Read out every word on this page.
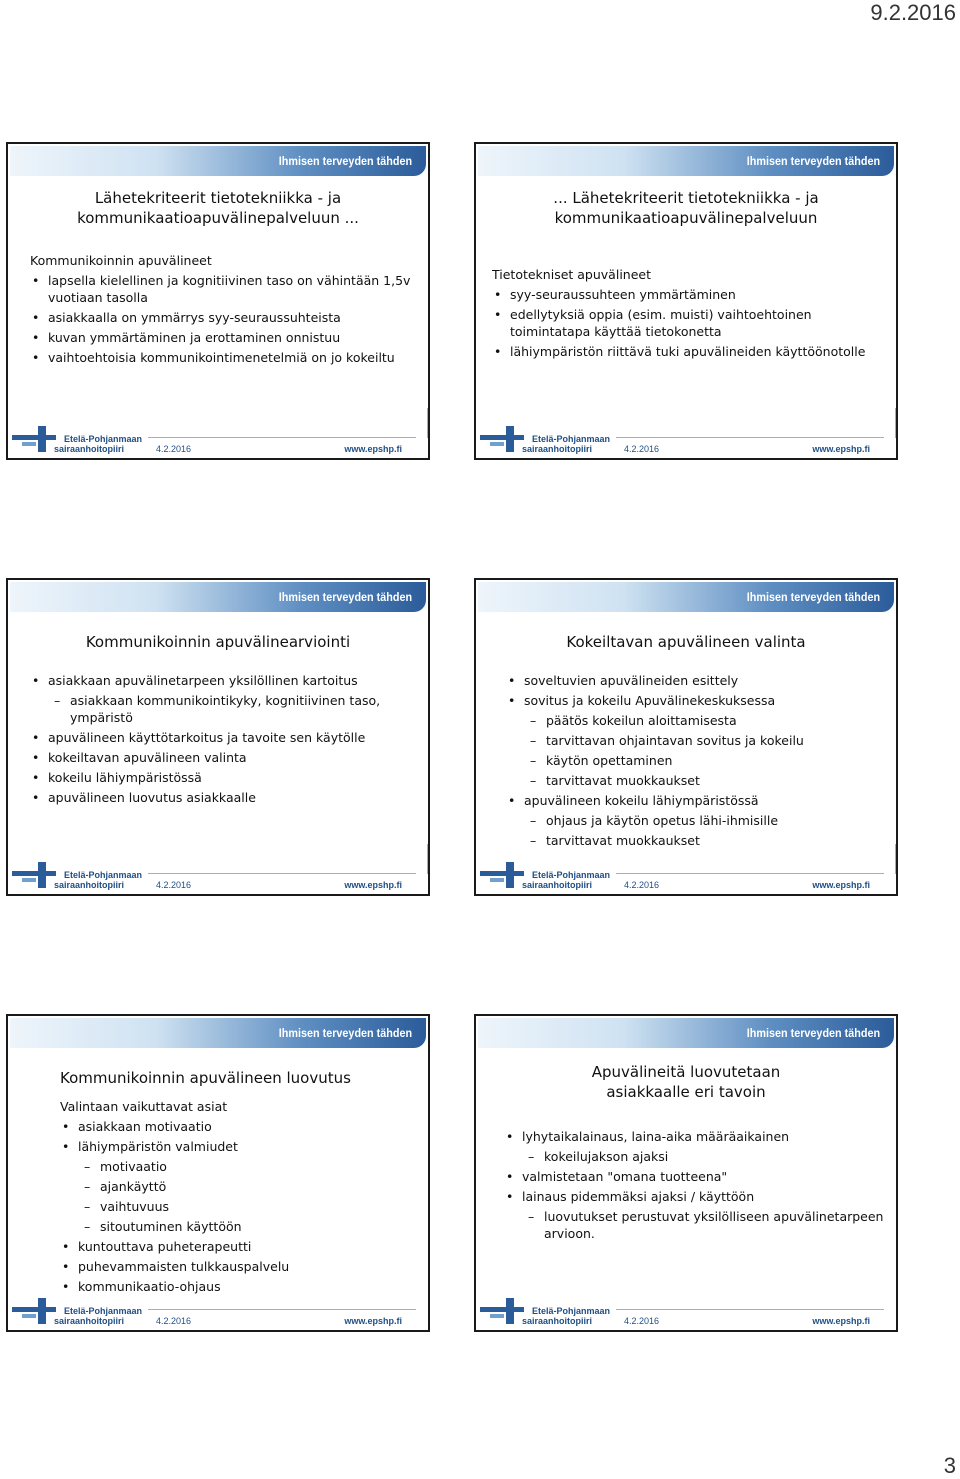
9.2.2016
Ihmisen terveyden tähden
Lähetekriteerit tietotekniikka - ja kommunikaatioapuvälinepalveluun ...

Kommunikoinnin apuvälineet

• lapsella kielellinen ja kognitiivinen taso on vähintään 1,5v vuotiaan tasolla
• asiakkaalla on ymmärrys syy-seuraussuhteista
• kuvan ymmärtäminen ja erottaminen onnistuu
• vaihtoehtoisia kommunikointimenetelmiä on jo kokeiltu
Etelä-Pohjanmaan
sairaanhoitopiiri	4.2.2016	www.epshp.fi
Ihmisen terveyden tähden
... Lähetekriteerit tietotekniikka - ja kommunikaatioapuvälinepalveluun

Tietotekniset apuvälineet

• syy-seuraussuhteen ymmärtäminen
• edellytyksiä oppia (esim. muisti) vaihtoehtoinen toimintatapa käyttää tietokonetta
• lähiympäristön riittävä tuki apuvälineiden käyttöönotolle
Etelä-Pohjanmaan
sairaanhoitopiiri	4.2.2016	www.epshp.fi
Ihmisen terveyden tähden
Kommunikoinnin apuvälinearviointi
• asiakkaan apuvälinetarpeen yksilöllinen kartoitus
– asiakkaan kommunikointikyky, kognitiivinen taso, ympäristö
• apuvälineen käyttötarkoitus ja tavoite sen käytölle
• kokeiltavan apuvälineen valinta
• kokeilu lähiympäristössä
• apuvälineen luovutus asiakkaalle
Etelä-Pohjanmaan
sairaanhoitopiiri	4.2.2016	www.epshp.fi
Ihmisen terveyden tähden
Kokeiltavan apuvälineen valinta
• soveltuvien apuvälineiden esittely
• sovitus ja kokeilu Apuvälinekeskuksessa
– päätös kokeilun aloittamisesta
– tarvittavan ohjaintavan sovitus ja kokeilu
– käytön opettaminen
– tarvittavat muokkaukset
• apuvälineen kokeilu lähiympäristössä
– ohjaus ja käytön opetus lähi-ihmisille
– tarvittavat muokkaukset
Etelä-Pohjanmaan
sairaanhoitopiiri	4.2.2016	www.epshp.fi
Ihmisen terveyden tähden
Kommunikoinnin apuvälineen luovutus

Valintaan vaikuttavat asiat

• asiakkaan motivaatio
• lähiympäristön valmiudet
– motivaatio
– ajankäyttö
– vaihtuvuus
– sitoutuminen käyttöön
• kuntouttava puheterapeutti
• puhevammaisten tulkkauspalvelu
• kommunikaatio-ohjaus
Etelä-Pohjanmaan
sairaanhoitopiiri	4.2.2016	www.epshp.fi
Ihmisen terveyden tähden
Apuvälineitä luovutetaan asiakkaalle eri tavoin
• lyhytaikalainaus, laina-aika määräaikainen
– kokeilujakson ajaksi
• valmistetaan "omana tuotteena"
• lainaus pidemmäksi ajaksi / käyttöön
– luovutukset perustuvat yksilölliseen apuvälinetarpeen arvioon.
Etelä-Pohjanmaan
sairaanhoitopiiri	4.2.2016	www.epshp.fi
3
